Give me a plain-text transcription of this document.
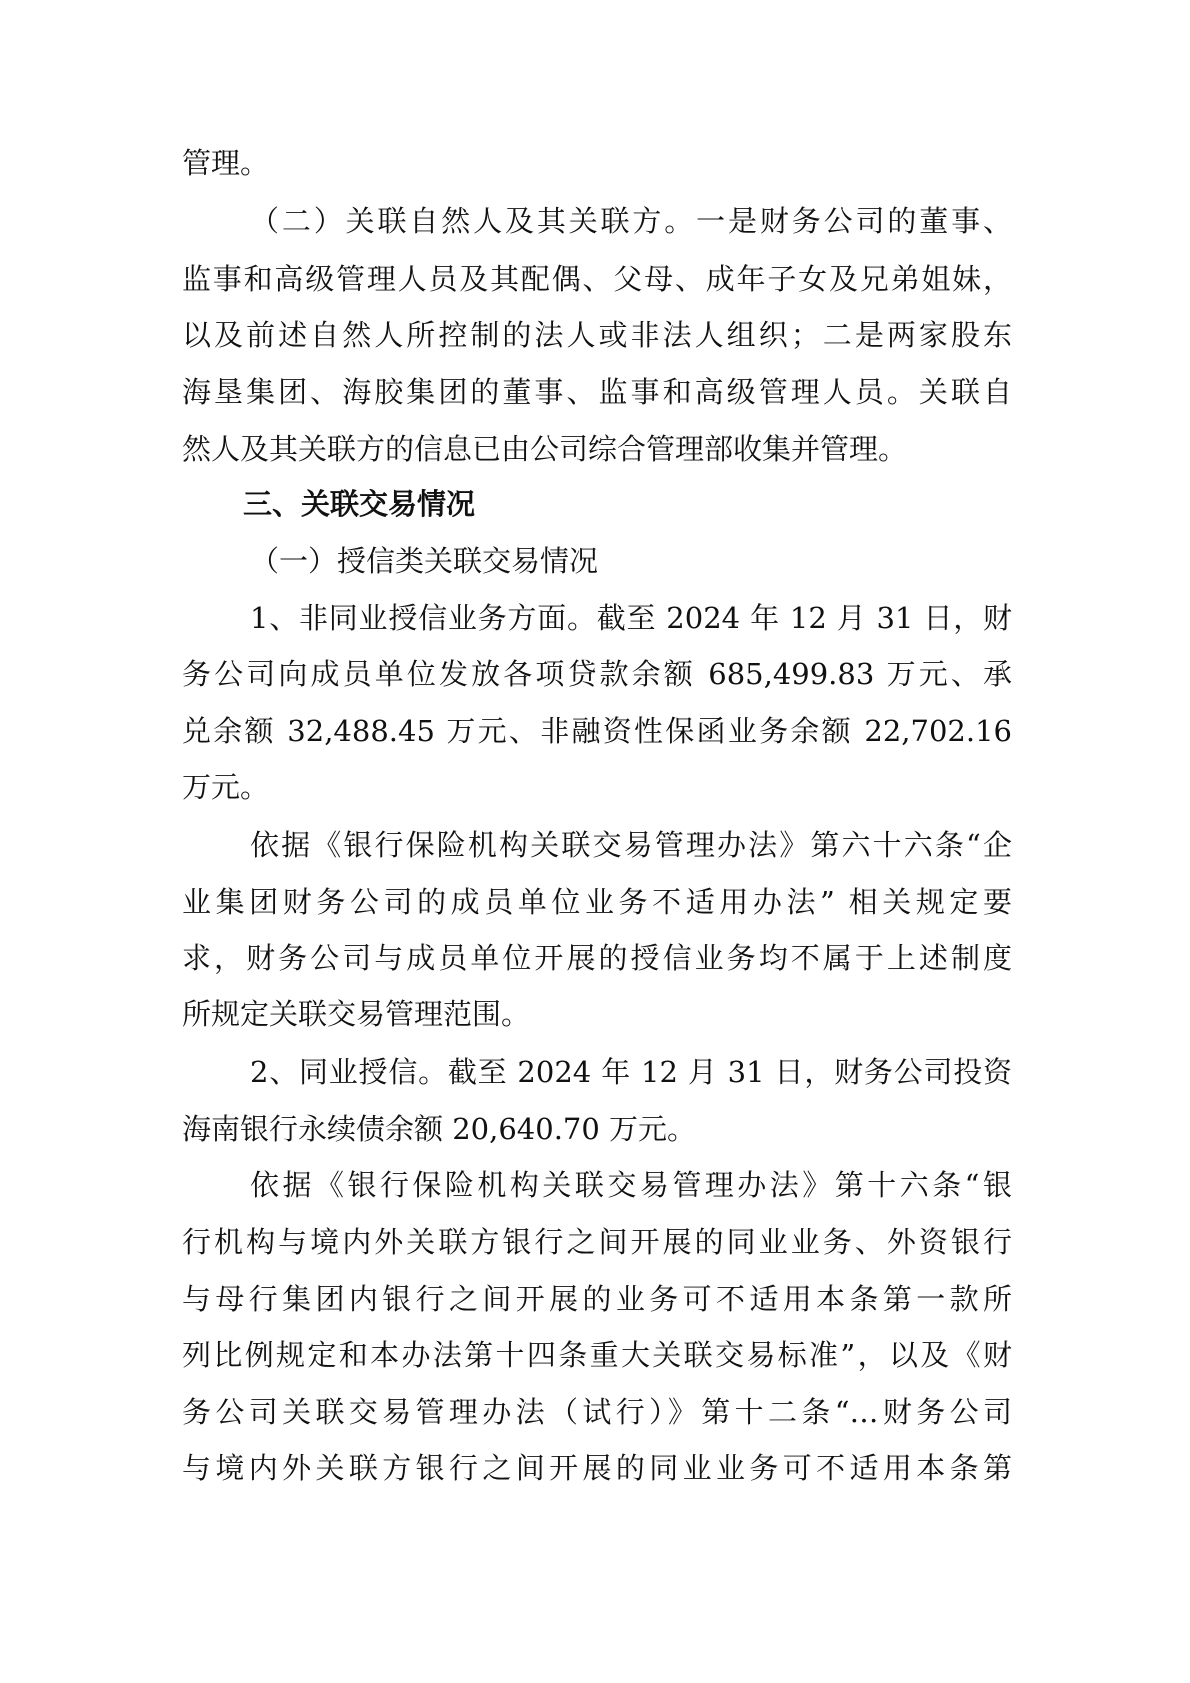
管理。
（二）关联自然人及其关联方。一是财务公司的董事、
监事和高级管理人员及其配偶、父母、成年子女及兄弟姐妹，
以及前述自然人所控制的法人或非法人组织；二是两家股东
海垦集团、海胶集团的董事、监事和高级管理人员。关联自
然人及其关联方的信息已由公司综合管理部收集并管理。
三、关联交易情况
（一）授信类关联交易情况
1、非同业授信业务方面。截至 2024 年 12 月 31 日，财
务公司向成员单位发放各项贷款余额 685,499.83 万元、承
兑余额 32,488.45 万元、非融资性保函业务余额 22,702.16
万元。
依据《银行保险机构关联交易管理办法》第六十六条“企
业集团财务公司的成员单位业务不适用办法” 相关规定要
求，财务公司与成员单位开展的授信业务均不属于上述制度
所规定关联交易管理范围。
2、同业授信。截至 2024 年 12 月 31 日，财务公司投资
海南银行永续债余额 20,640.70 万元。
依据《银行保险机构关联交易管理办法》第十六条“银
行机构与境内外关联方银行之间开展的同业业务、外资银行
与母行集团内银行之间开展的业务可不适用本条第一款所
列比例规定和本办法第十四条重大关联交易标准”，以及《财
务公司关联交易管理办法（试行）》第十二条“…财务公司
与境内外关联方银行之间开展的同业业务可不适用本条第
